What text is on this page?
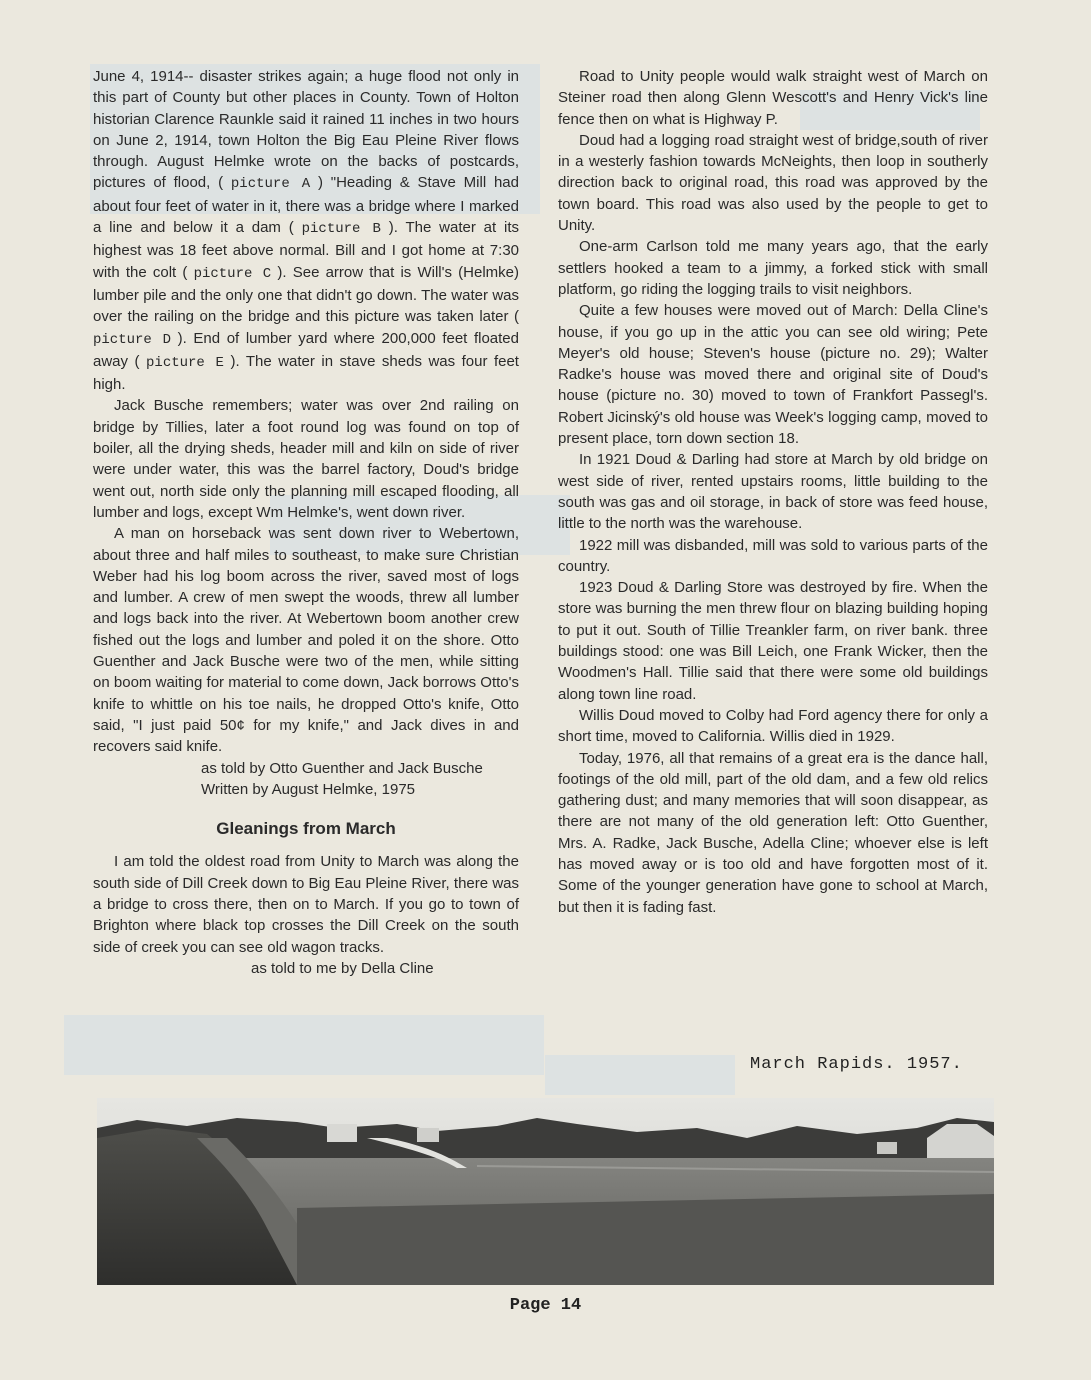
June 4, 1914-- disaster strikes again; a huge flood not only in this part of County but other places in County. Town of Holton historian Clarence Raunkle said it rained 11 inches in two hours on June 2, 1914, town Holton the Big Eau Pleine River flows through. August Helmke wrote on the backs of postcards, pictures of flood, ( picture A ) "Heading & Stave Mill had about four feet of water in it, there was a bridge where I marked a line and below it a dam ( picture B ). The water at its highest was 18 feet above normal. Bill and I got home at 7:30 with the colt ( picture C ). See arrow that is Will's (Helmke) lumber pile and the only one that didn't go down. The water was over the railing on the bridge and this picture was taken later ( picture D ). End of lumber yard where 200,000 feet floated away ( picture E ). The water in stave sheds was four feet high.

Jack Busche remembers; water was over 2nd railing on bridge by Tillies, later a foot round log was found on top of boiler, all the drying sheds, header mill and kiln on side of river were under water, this was the barrel factory, Doud's bridge went out, north side only the planning mill escaped flooding, all lumber and logs, except Wm Helmke's, went down river.

A man on horseback was sent down river to Webertown, about three and half miles to southeast, to make sure Christian Weber had his log boom across the river, saved most of logs and lumber. A crew of men swept the woods, threw all lumber and logs back into the river. At Webertown boom another crew fished out the logs and lumber and poled it on the shore. Otto Guenther and Jack Busche were two of the men, while sitting on boom waiting for material to come down, Jack borrows Otto's knife to whittle on his toe nails, he dropped Otto's knife, Otto said, "I just paid 50¢ for my knife," and Jack dives in and recovers said knife.

as told by Otto Guenther and Jack Busche

Written by August Helmke, 1975

Gleanings from March

I am told the oldest road from Unity to March was along the south side of Dill Creek down to Big Eau Pleine River, there was a bridge to cross there, then on to March. If you go to town of Brighton where black top crosses the Dill Creek on the south side of creek you can see old wagon tracks.

as told to me by Della Cline

Road to Unity people would walk straight west of March on Steiner road then along Glenn Wescott's and Henry Vick's line fence then on what is Highway P.

Doud had a logging road straight west of bridge,south of river in a westerly fashion towards McNeights, then loop in southerly direction back to original road, this road was approved by the town board. This road was also used by the people to get to Unity.

One-arm Carlson told me many years ago, that the early settlers hooked a team to a jimmy, a forked stick with small platform, go riding the logging trails to visit neighbors.

Quite a few houses were moved out of March: Della Cline's house, if you go up in the attic you can see old wiring; Pete Meyer's old house; Steven's house (picture no. 29); Walter Radke's house was moved there and original site of Doud's house (picture no. 30) moved to town of Frankfort Passegl's. Robert Jicinský's old house was Week's logging camp, moved to present place, torn down section 18.

In 1921 Doud & Darling had store at March by old bridge on west side of river, rented upstairs rooms, little building to the south was gas and oil storage, in back of store was feed house, little to the north was the warehouse.

1922 mill was disbanded, mill was sold to various parts of the country.

1923 Doud & Darling Store was destroyed by fire. When the store was burning the men threw flour on blazing building hoping to put it out. South of Tillie Treankler farm, on river bank. three buildings stood: one was Bill Leich, one Frank Wicker, then the Woodmen's Hall. Tillie said that there were some old buildings along town line road.

Willis Doud moved to Colby had Ford agency there for only a short time, moved to California. Willis died in 1929.

Today, 1976, all that remains of a great era is the dance hall, footings of the old mill, part of the old dam, and a few old relics gathering dust; and many memories that will soon disappear, as there are not many of the old generation left: Otto Guenther, Mrs. A. Radke, Jack Busche, Adella Cline; whoever else is left has moved away or is too old and have forgotten most of it. Some of the younger generation have gone to school at March, but then it is fading fast.

March Rapids. 1957.
Page 14
